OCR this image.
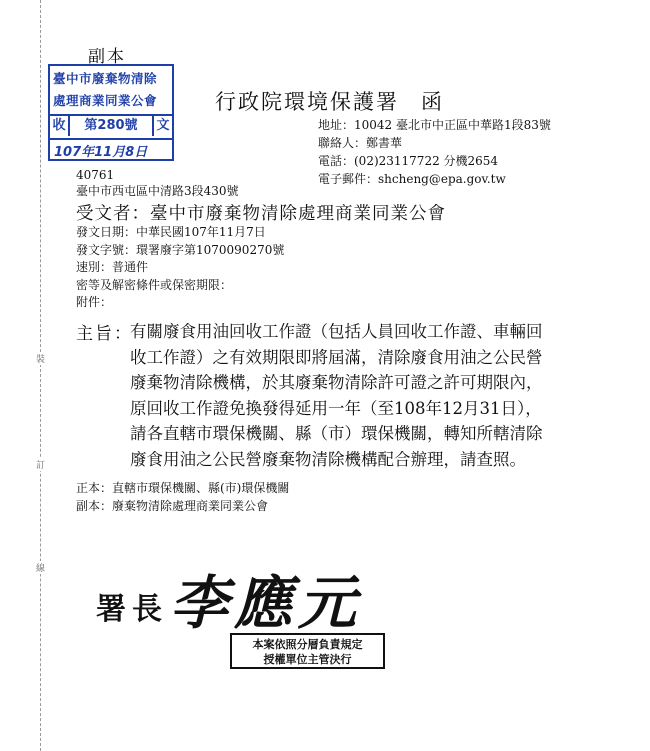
裝
訂
線
副本
臺中市廢棄物清除
處理商業同業公會
收	第280號	文
107年11月8日
行政院環境保護署 函
地址：10042 臺北市中正區中華路1段83號
聯絡人：鄭書華
電話：(02)23117722 分機2654
電子郵件：shcheng@epa.gov.tw
40761
臺中市西屯區中清路3段430號
受文者：臺中市廢棄物清除處理商業同業公會
發文日期：中華民國107年11月7日
發文字號：環署廢字第1070090270號
速別：普通件
密等及解密條件或保密期限：
附件：
主旨：
有關廢食用油回收工作證（包括人員回收工作證、車輛回
收工作證）之有效期限即將屆滿，清除廢食用油之公民營
廢棄物清除機構，於其廢棄物清除許可證之許可期限內，
原回收工作證免換發得延用一年（至108年12月31日），
請各直轄市環保機關、縣（市）環保機關，轉知所轄清除
廢食用油之公民營廢棄物清除機構配合辦理，請查照。
正本：直轄市環保機關、縣(市)環保機關
副本：廢棄物清除處理商業同業公會
署長 李應元
本案依照分層負責規定
授權單位主管決行
